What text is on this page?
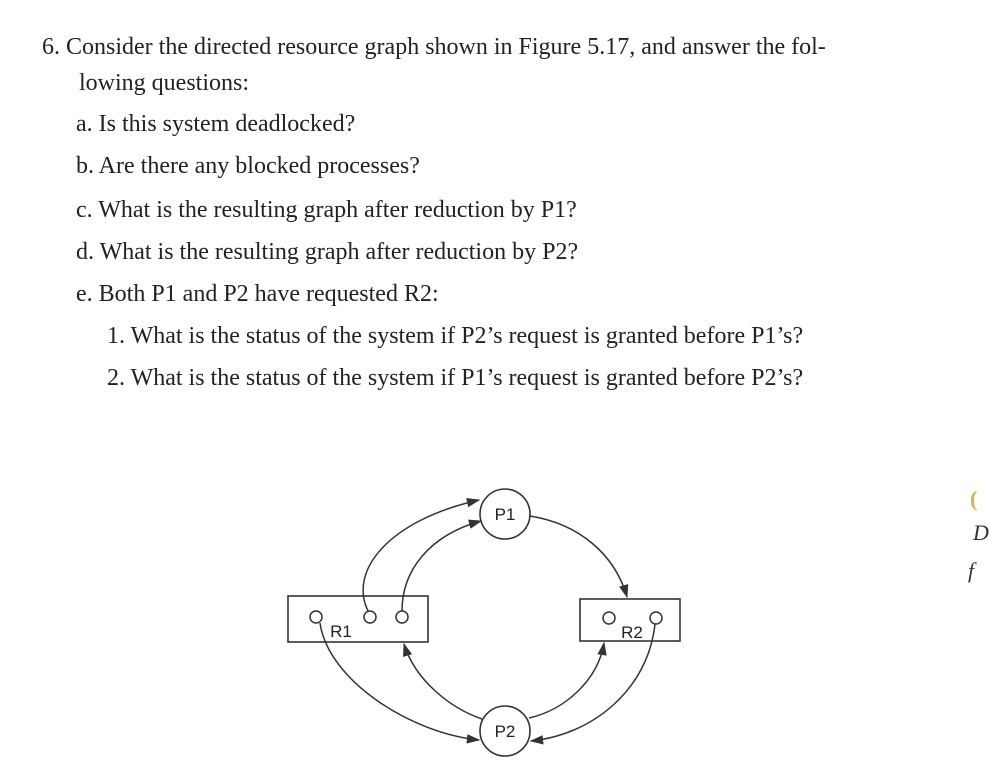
6. Consider the directed resource graph shown in Figure 5.17, and answer the fol-
lowing questions:
a. Is this system deadlocked?
b. Are there any blocked processes?
c. What is the resulting graph after reduction by P1?
d. What is the resulting graph after reduction by P2?
e. Both P1 and P2 have requested R2:
1. What is the status of the system if P2’s request is granted before P1’s?
2. What is the status of the system if P1’s request is granted before P2’s?
(
D
f
P1
P2
R1	R2
